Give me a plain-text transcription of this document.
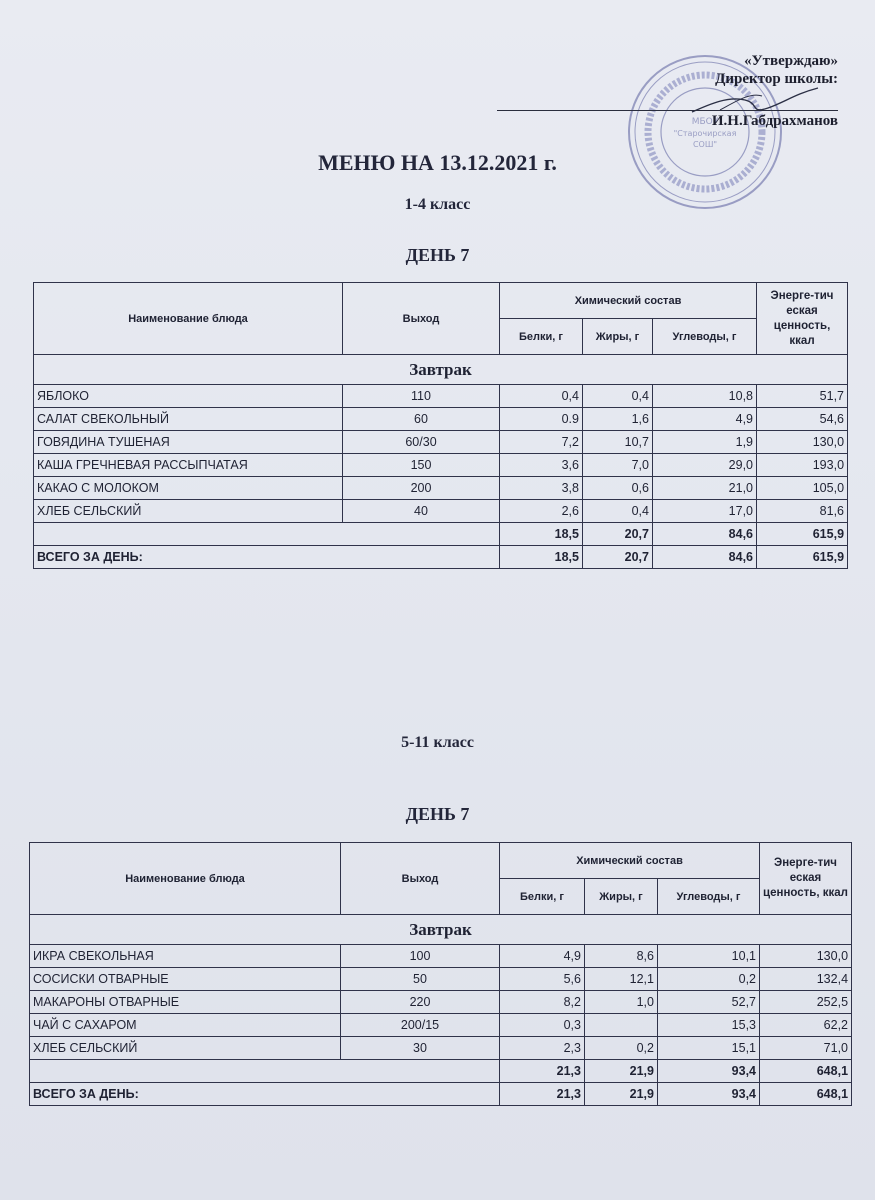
МБОУ
"Старочирская
СОШ"
«Утверждаю»
Директор школы:
И.Н.Габдрахманов
МЕНЮ НА 13.12.2021 г.
1-4 класс
ДЕНЬ 7
Наименование блюда	Выход	Химический состав			Энерге-тич еская ценность, ккал
		Белки, г	Жиры, г	Углеводы, г	
Завтрак					
ЯБЛОКО	110	0,4	0,4	10,8	51,7
САЛАТ СВЕКОЛЬНЫЙ	60	0.9	1,6	4,9	54,6
ГОВЯДИНА ТУШЕНАЯ	60/30	7,2	10,7	1,9	130,0
КАША ГРЕЧНЕВАЯ РАССЫПЧАТАЯ	150	3,6	7,0	29,0	193,0
КАКАО С МОЛОКОМ	200	3,8	0,6	21,0	105,0
ХЛЕБ СЕЛЬСКИЙ	40	2,6	0,4	17,0	81,6
		18,5	20,7	84,6	615,9
ВСЕГО ЗА ДЕНЬ:		18,5	20,7	84,6	615,9
5-11 класс
ДЕНЬ 7
Наименование блюда	Выход	Химический состав			Энерге-тич еская ценность, ккал
		Белки, г	Жиры, г	Углеводы, г	
Завтрак					
ИКРА СВЕКОЛЬНАЯ	100	4,9	8,6	10,1	130,0
СОСИСКИ ОТВАРНЫЕ	50	5,6	12,1	0,2	132,4
МАКАРОНЫ ОТВАРНЫЕ	220	8,2	1,0	52,7	252,5
ЧАЙ С САХАРОМ	200/15	0,3		15,3	62,2
ХЛЕБ СЕЛЬСКИЙ	30	2,3	0,2	15,1	71,0
		21,3	21,9	93,4	648,1
ВСЕГО ЗА ДЕНЬ:		21,3	21,9	93,4	648,1
